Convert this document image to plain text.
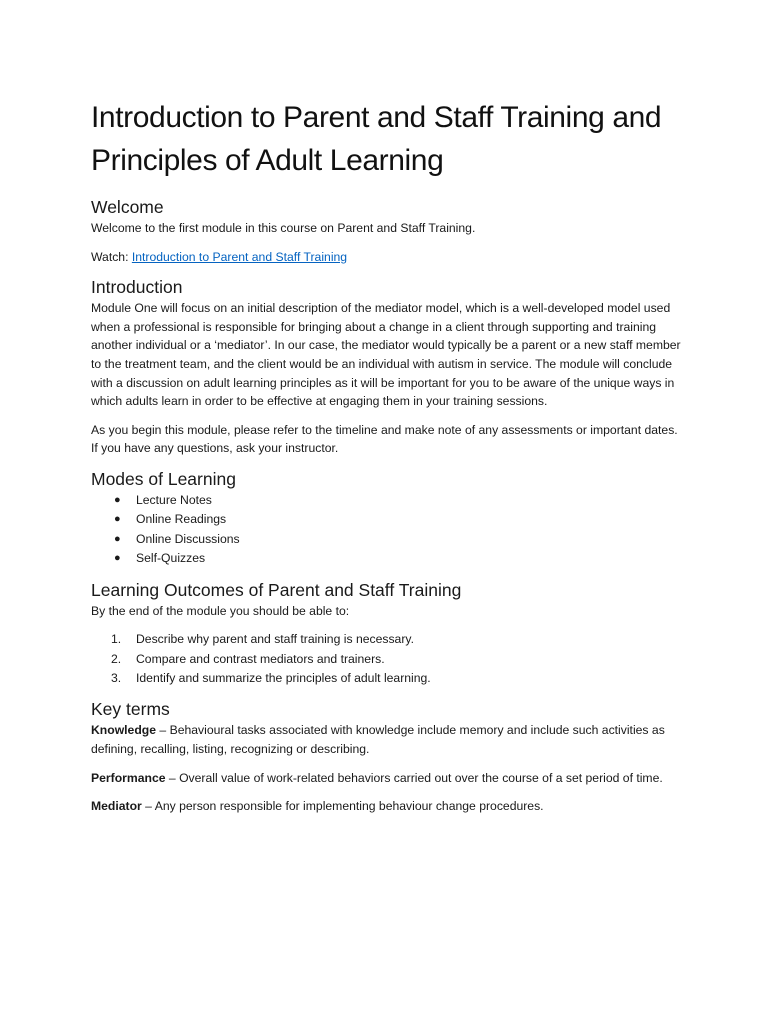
Introduction to Parent and Staff Training and Principles of Adult Learning
Welcome

Welcome to the first module in this course on Parent and Staff Training.

Watch: Introduction to Parent and Staff Training

Introduction

Module One will focus on an initial description of the mediator model, which is a well-developed model used when a professional is responsible for bringing about a change in a client through supporting and training another individual or a ‘mediator’. In our case, the mediator would typically be a parent or a new staff member to the treatment team, and the client would be an individual with autism in service. The module will conclude with a discussion on adult learning principles as it will be important for you to be aware of the unique ways in which adults learn in order to be effective at engaging them in your training sessions.

As you begin this module, please refer to the timeline and make note of any assessments or important dates. If you have any questions, ask your instructor.

Modes of Learning
● Lecture Notes
● Online Readings
● Online Discussions
● Self-Quizzes
Learning Outcomes of Parent and Staff Training

By the end of the module you should be able to:

1. Describe why parent and staff training is necessary.
2. Compare and contrast mediators and trainers.
3. Identify and summarize the principles of adult learning.
Key terms

Knowledge – Behavioural tasks associated with knowledge include memory and include such activities as defining, recalling, listing, recognizing or describing.

Performance – Overall value of work-related behaviors carried out over the course of a set period of time.

Mediator – Any person responsible for implementing behaviour change procedures.
